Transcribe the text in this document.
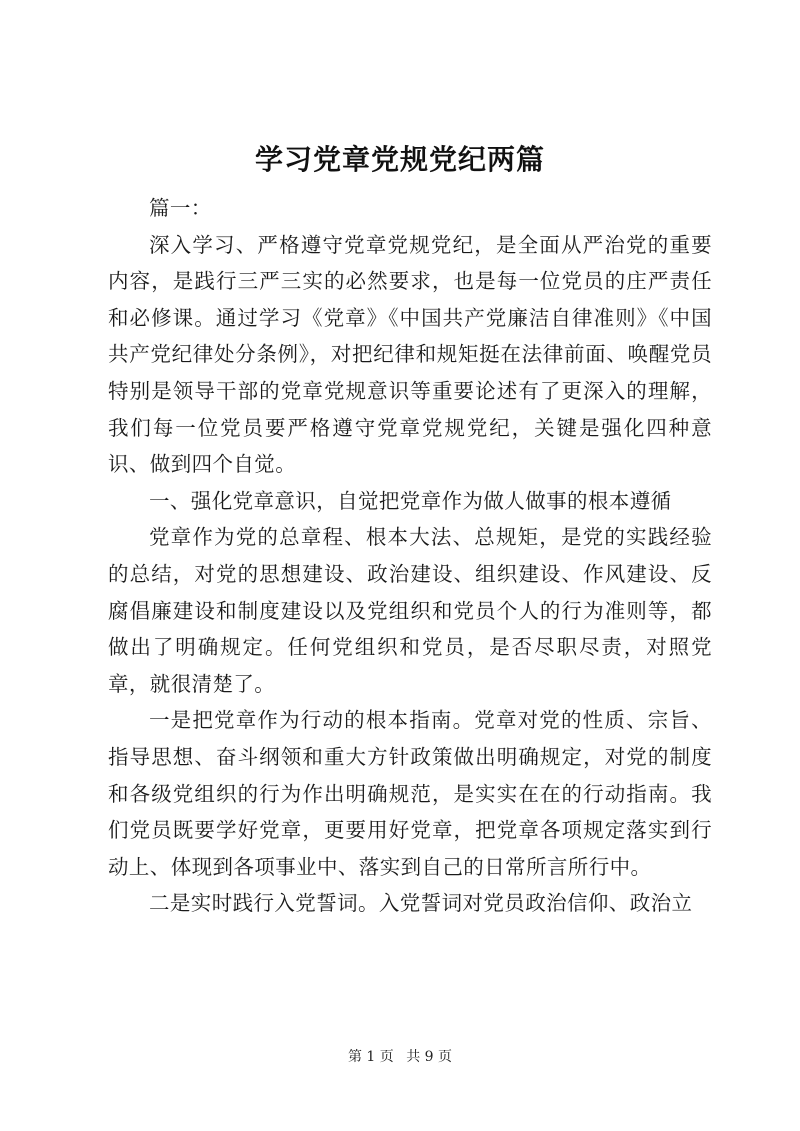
学习党章党规党纪两篇

篇一：

深入学习、严格遵守党章党规党纪，是全面从严治党的重要内容，是践行三严三实的必然要求，也是每一位党员的庄严责任和必修课。通过学习《党章》《中国共产党廉洁自律准则》《中国共产党纪律处分条例》，对把纪律和规矩挺在法律前面、唤醒党员特别是领导干部的党章党规意识等重要论述有了更深入的理解，我们每一位党员要严格遵守党章党规党纪，关键是强化四种意识、做到四个自觉。

一、强化党章意识，自觉把党章作为做人做事的根本遵循

党章作为党的总章程、根本大法、总规矩，是党的实践经验的总结，对党的思想建设、政治建设、组织建设、作风建设、反腐倡廉建设和制度建设以及党组织和党员个人的行为准则等，都做出了明确规定。任何党组织和党员，是否尽职尽责，对照党章，就很清楚了。

一是把党章作为行动的根本指南。党章对党的性质、宗旨、指导思想、奋斗纲领和重大方针政策做出明确规定，对党的制度和各级党组织的行为作出明确规范，是实实在在的行动指南。我们党员既要学好党章，更要用好党章，把党章各项规定落实到行动上、体现到各项事业中、落实到自己的日常所言所行中。

二是实时践行入党誓词。入党誓词对党员政治信仰、政治立

第 1 页 共 9 页
